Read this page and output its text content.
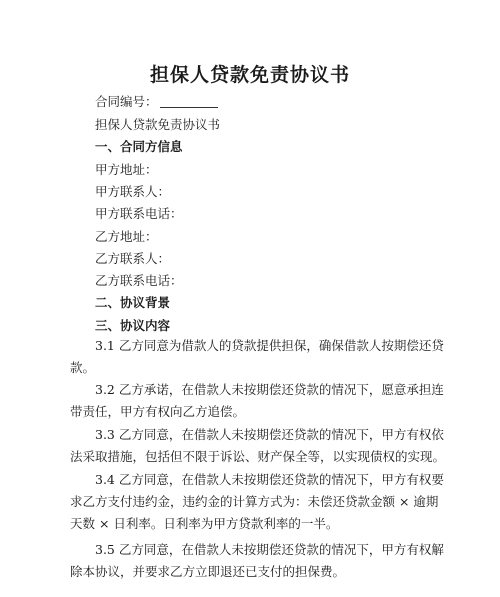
担保人贷款免责协议书
合同编号：
担保人贷款免责协议书
一、合同方信息
甲方地址：
甲方联系人：
甲方联系电话：
乙方地址：
乙方联系人：
乙方联系电话：
二、协议背景
三、协议内容
3.1 乙方同意为借款人的贷款提供担保，确保借款人按期偿还贷
款。
3.2 乙方承诺，在借款人未按期偿还贷款的情况下，愿意承担连
带责任，甲方有权向乙方追偿。
3.3 乙方同意，在借款人未按期偿还贷款的情况下，甲方有权依
法采取措施，包括但不限于诉讼、财产保全等，以实现债权的实现。
3.4 乙方同意，在借款人未按期偿还贷款的情况下，甲方有权要
求乙方支付违约金，违约金的计算方式为：未偿还贷款金额 × 逾期
天数 × 日利率。日利率为甲方贷款利率的一半。
3.5 乙方同意，在借款人未按期偿还贷款的情况下，甲方有权解
除本协议，并要求乙方立即退还已支付的担保费。
